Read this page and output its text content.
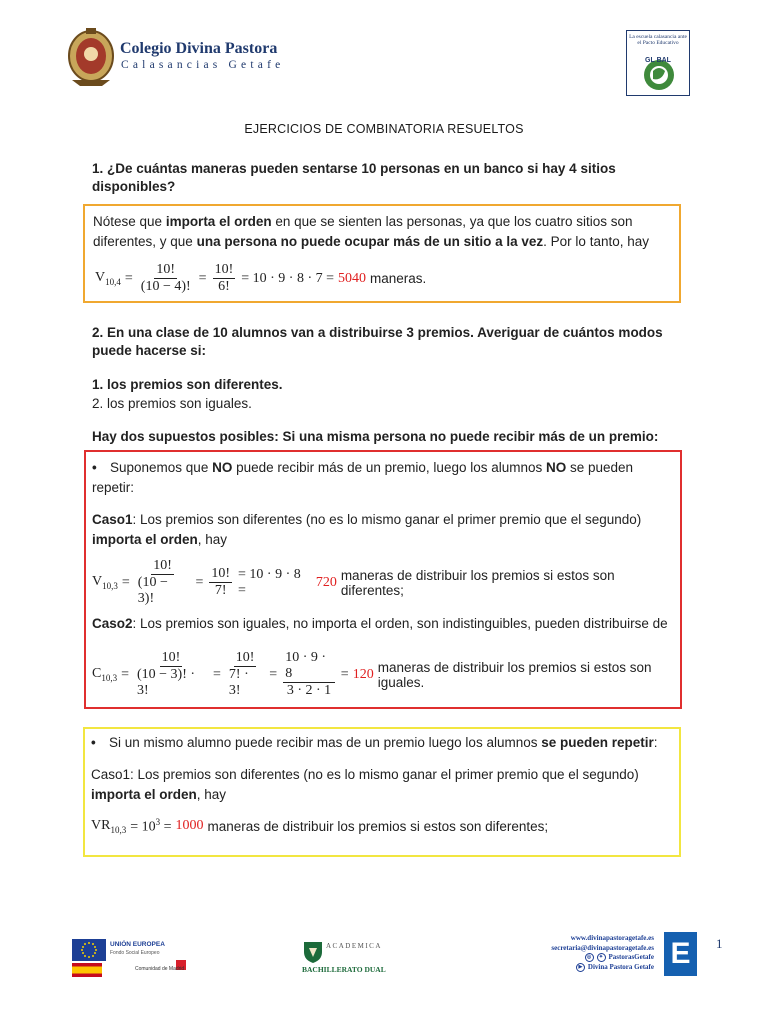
Colegio Divina Pastora
Calasancias Getafe
La escuela calasancia ante el Pacto Educativo
GL BAL
EJERCICIOS DE COMBINATORIA RESUELTOS
1. ¿De cuántas maneras pueden sentarse 10 personas en un banco si hay 4 sitios disponibles?
Nótese que importa el orden en que se sienten las personas, ya que los cuatro sitios son diferentes, y que una persona no puede ocupar más de un sitio a la vez. Por lo tanto, hay
$V_{10,4} = \frac{10!}{(10 - 4)!} = \frac{10!}{6!} = 10 \cdot 9 \cdot 8 \cdot 7 = 5040$ maneras.
2. En una clase de 10 alumnos van a distribuirse 3 premios. Averiguar de cuántos modos puede hacerse si:
1. los premios son diferentes.
2. los premios son iguales.
Hay dos supuestos posibles: Si una misma persona no puede recibir más de un premio:
• Suponemos que NO puede recibir más de un premio, luego los alumnos NO se pueden repetir:
Caso1: Los premios son diferentes (no es lo mismo ganar el primer premio que el segundo)
importa el orden, hay
$V_{10,3} = \frac{10!}{(10 - 3)!} = \frac{10!}{7!} = 10 \cdot 9 \cdot 8$ =
720 maneras de distribuir los premios si estos son diferentes;
Caso2: Los premios son iguales, no importa el orden, son indistinguibles, pueden distribuirse de
$C_{10,3} = \frac{10!}{(10 - 3)! \cdot 3!} = \frac{10!}{7! \cdot 3!} = \frac{10 \cdot 9 \cdot 8}{3 \cdot 2 \cdot 1} = 120$ maneras de distribuir los premios si estos son iguales.
• Si un mismo alumno puede recibir mas de un premio luego los alumnos se pueden repetir:
Caso1: Los premios son diferentes (no es lo mismo ganar el primer premio que el segundo)
importa el orden, hay
$VR_{10,3} = 10^3 = 1000$ maneras de distribuir los premios si estos son diferentes;
UNIÓN EUROPEA
Fondo Social Europeo
Comunidad de Madrid
ACADEMICA
BACHILLERATO DUAL
www.divinapastoragetafe.es
secretaria@divinapastoragetafe.es
◎	✦ PastorasGetafe
▶ Divina Pastora Getafe E	1
